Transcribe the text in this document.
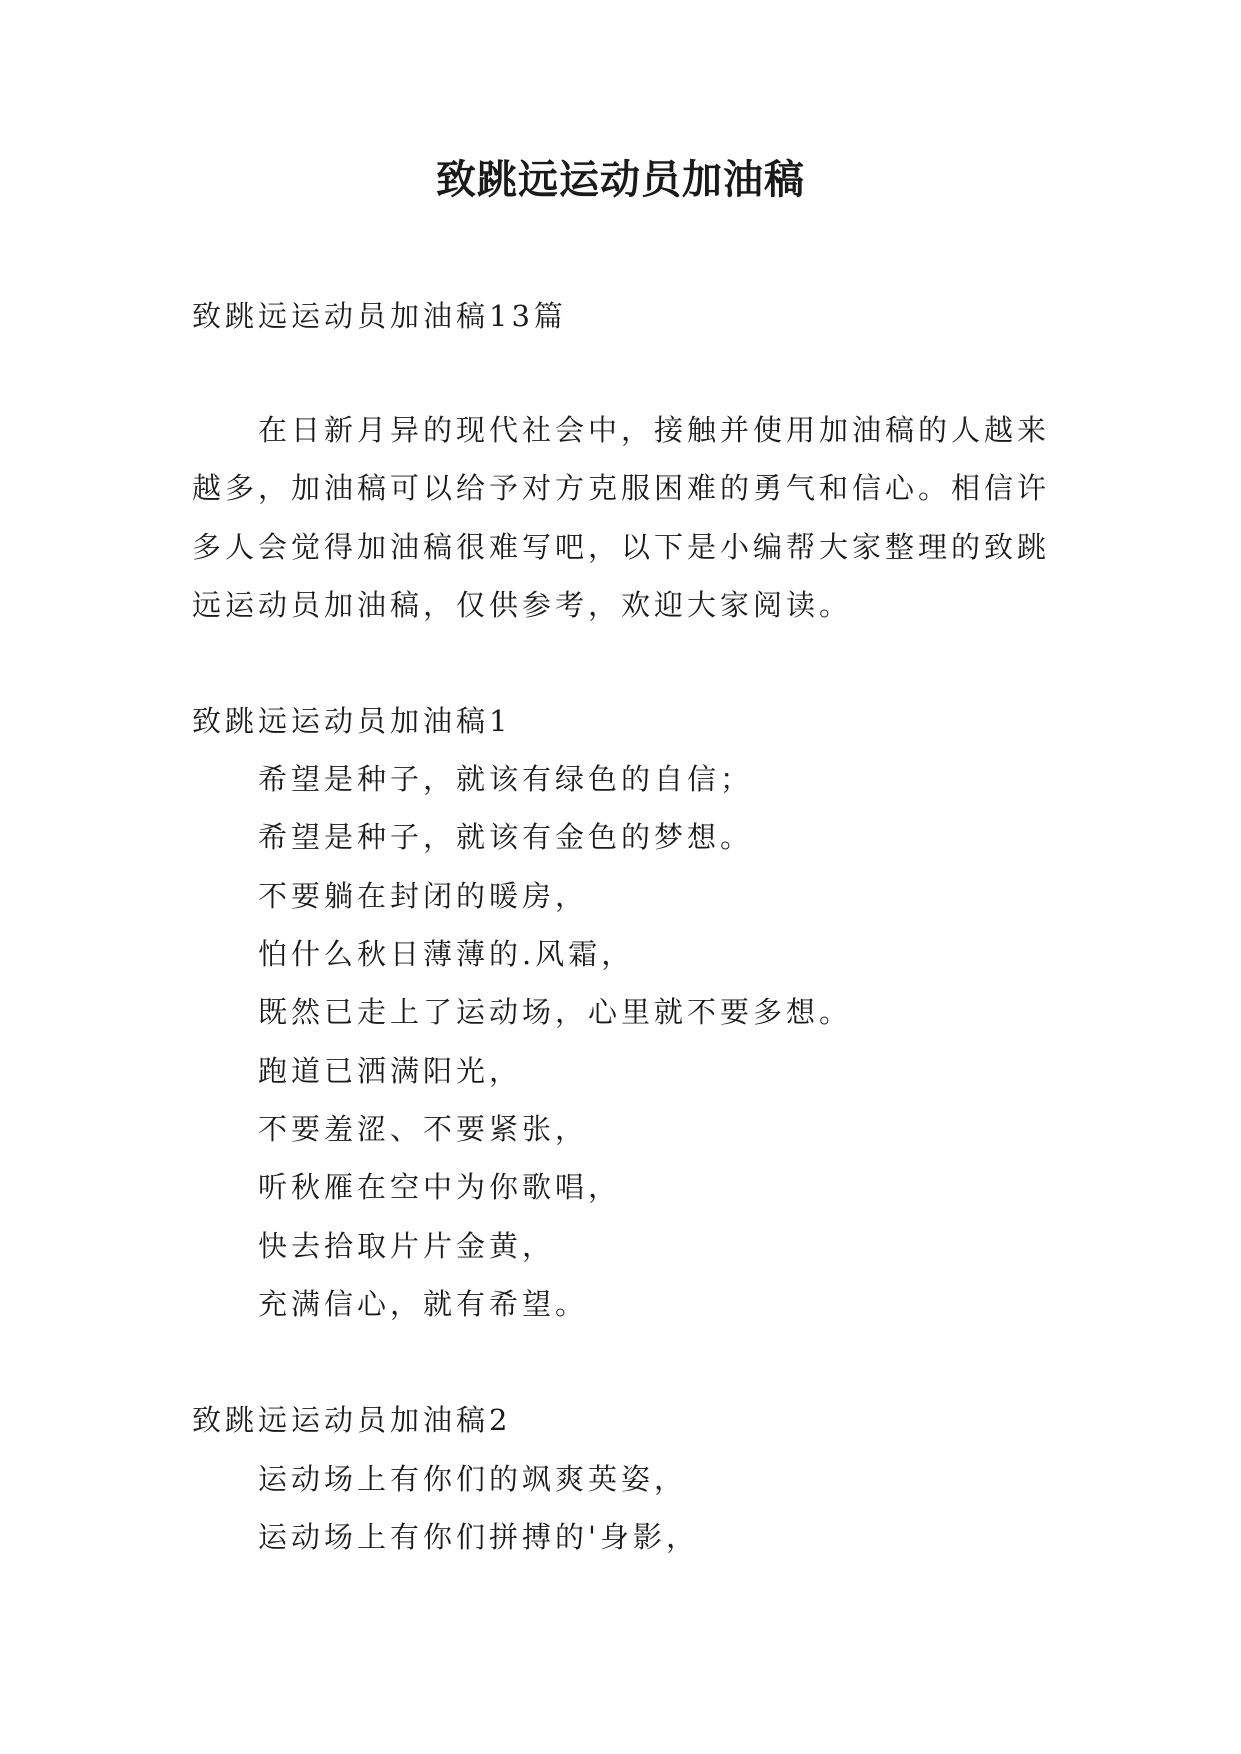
致跳远运动员加油稿
致跳远运动员加油稿13篇
在日新月异的现代社会中，接触并使用加油稿的人越来
越多，加油稿可以给予对方克服困难的勇气和信心。相信许
多人会觉得加油稿很难写吧，以下是小编帮大家整理的致跳
远运动员加油稿，仅供参考，欢迎大家阅读。
致跳远运动员加油稿1
希望是种子，就该有绿色的自信；
希望是种子，就该有金色的梦想。
不要躺在封闭的暖房，
怕什么秋日薄薄的.风霜，
既然已走上了运动场，心里就不要多想。
跑道已洒满阳光，
不要羞涩、不要紧张，
听秋雁在空中为你歌唱，
快去拾取片片金黄，
充满信心，就有希望。
致跳远运动员加油稿2
运动场上有你们的飒爽英姿，
运动场上有你们拼搏的'身影，
